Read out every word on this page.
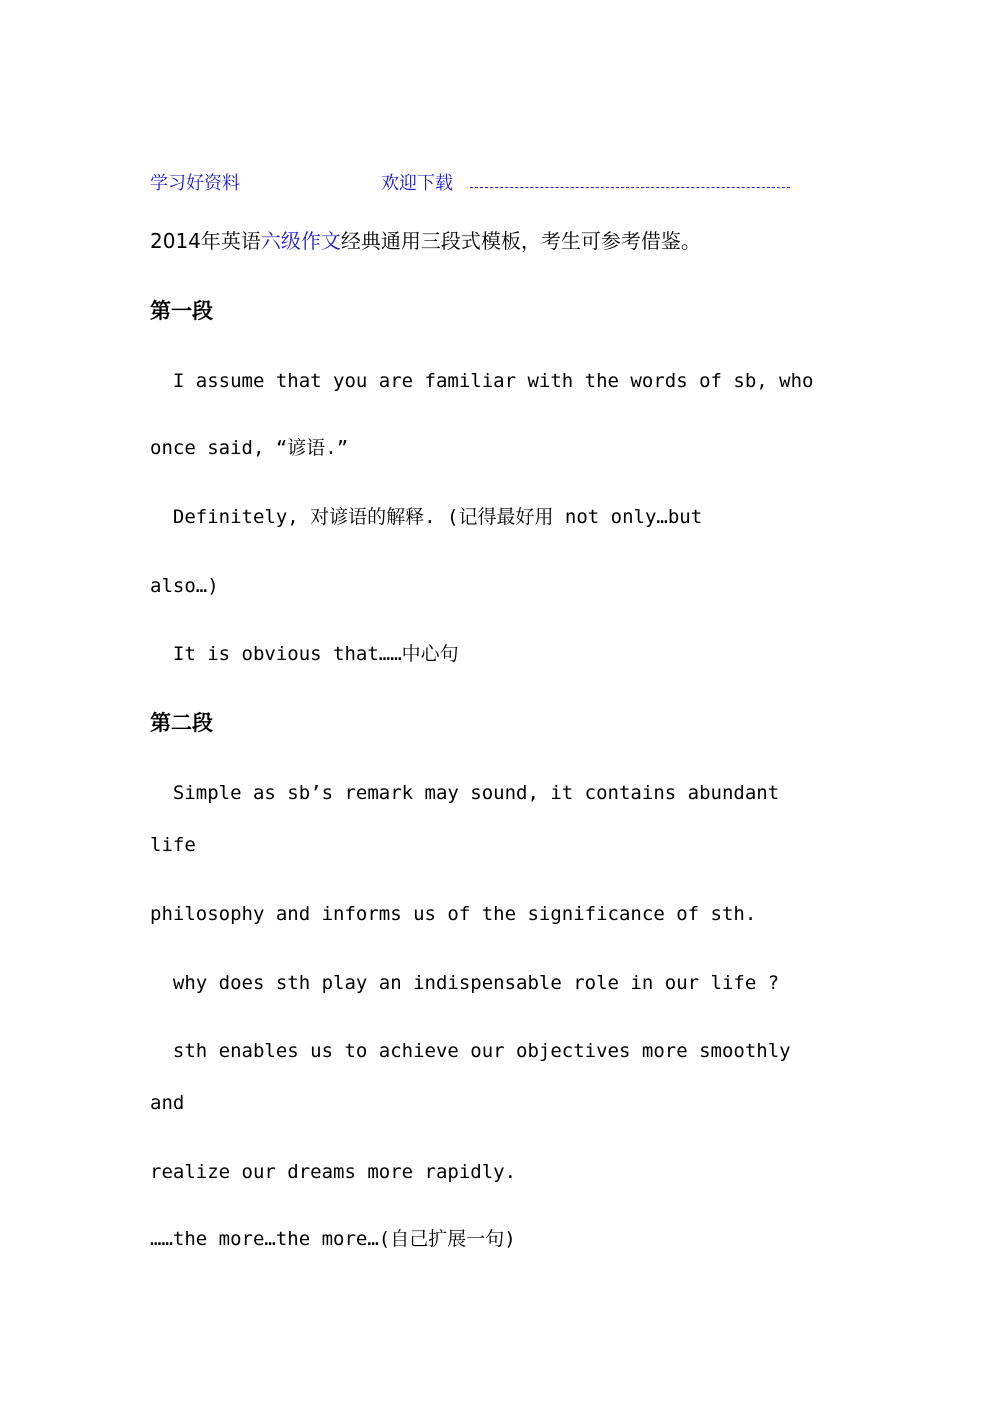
学习好资料	欢迎下载
2014年英语六级作文经典通用三段式模板，考生可参考借鉴。
第一段
I assume that you are familiar with the words of sb, who
once said, “谚语.”
Definitely, 对谚语的解释. (记得最好用 not only…but
also…)
It is obvious that……中心句
第二段
Simple as sb’s remark may sound, it contains abundant
life
philosophy and informs us of the significance of sth.
why does sth play an indispensable role in our life ?
sth enables us to achieve our objectives more smoothly
and
realize our dreams more rapidly.
……the more…the more…(自己扩展一句)
